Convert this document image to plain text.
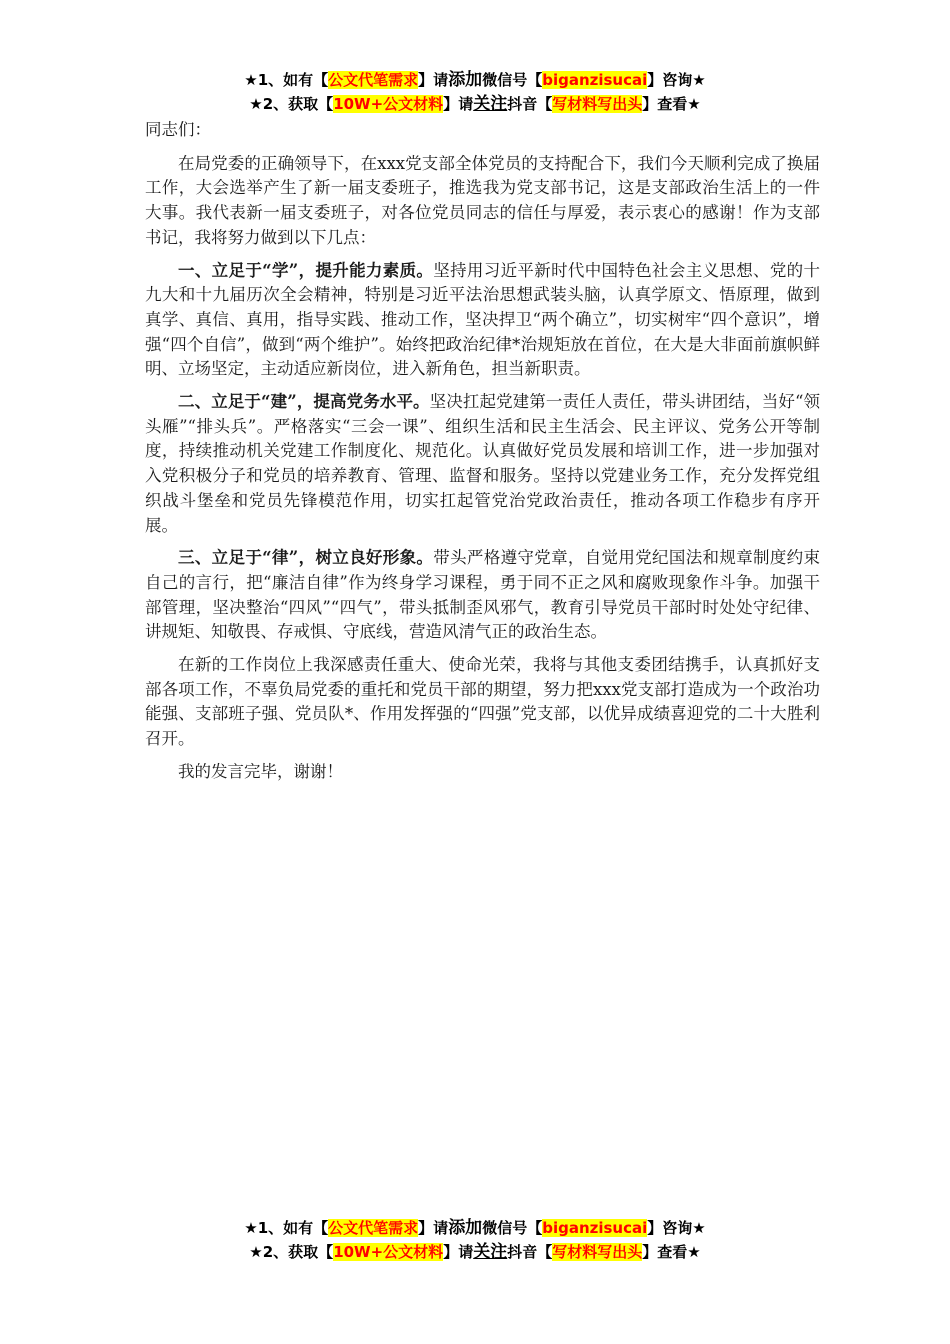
★1、如有【公文代笔需求】请添加微信号【biganzisucai】咨询★
★2、获取【10W+公文材料】请关注抖音【写材料写出头】查看★

同志们：

在局党委的正确领导下，在xxx党支部全体党员的支持配合下，我们今天顺利完成了换届工作，大会选举产生了新一届支委班子，推选我为党支部书记，这是支部政治生活上的一件大事。我代表新一届支委班子，对各位党员同志的信任与厚爱，表示衷心的感谢！作为支部书记，我将努力做到以下几点：

一、立足于“学”，提升能力素质。坚持用习近平新时代中国特色社会主义思想、党的十九大和十九届历次全会精神，特别是习近平法治思想武装头脑，认真学原文、悟原理，做到真学、真信、真用，指导实践、推动工作，坚决捍卫“两个确立”，切实树牢“四个意识”，增强“四个自信”，做到“两个维护”。始终把政治纪律*治规矩放在首位，在大是大非面前旗帜鲜明、立场坚定，主动适应新岗位，进入新角色，担当新职责。

二、立足于“建”，提高党务水平。坚决扛起党建第一责任人责任，带头讲团结，当好“领头雁”“排头兵”。严格落实“三会一课”、组织生活和民主生活会、民主评议、党务公开等制度，持续推动机关党建工作制度化、规范化。认真做好党员发展和培训工作，进一步加强对入党积极分子和党员的培养教育、管理、监督和服务。坚持以党建业务工作，充分发挥党组织战斗堡垒和党员先锋模范作用，切实扛起管党治党政治责任，推动各项工作稳步有序开展。

三、立足于“律”，树立良好形象。带头严格遵守党章，自觉用党纪国法和规章制度约束自己的言行，把“廉洁自律”作为终身学习课程，勇于同不正之风和腐败现象作斗争。加强干部管理，坚决整治“四风”“四气”，带头抵制歪风邪气，教育引导党员干部时时处处守纪律、讲规矩、知敬畏、存戒惧、守底线，营造风清气正的政治生态。

在新的工作岗位上我深感责任重大、使命光荣，我将与其他支委团结携手，认真抓好支部各项工作，不辜负局党委的重托和党员干部的期望，努力把xxx党支部打造成为一个政治功能强、支部班子强、党员队*、作用发挥强的“四强”党支部，以优异成绩喜迎党的二十大胜利召开。

我的发言完毕，谢谢！

★1、如有【公文代笔需求】请添加微信号【biganzisucai】咨询★
★2、获取【10W+公文材料】请关注抖音【写材料写出头】查看★
